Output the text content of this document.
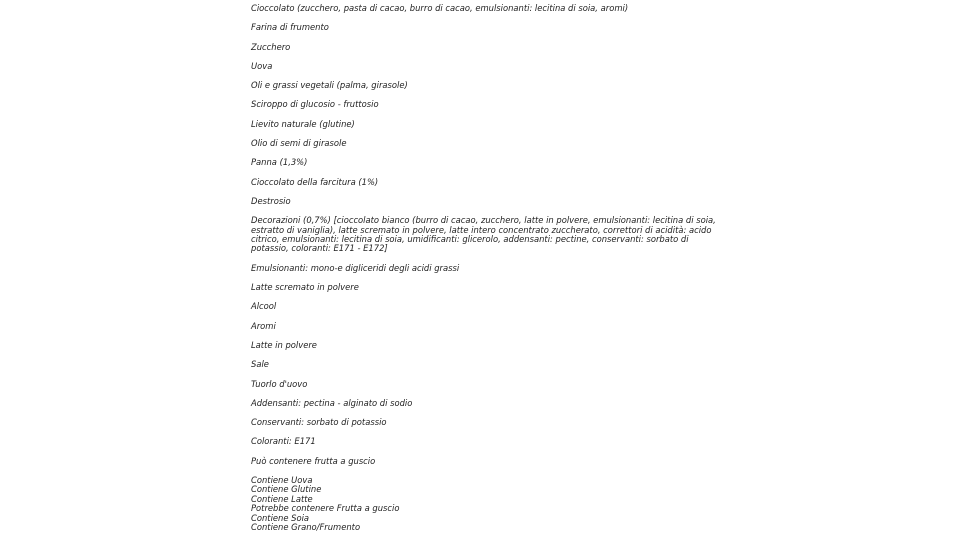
Cioccolato (zucchero, pasta di cacao, burro di cacao, emulsionanti: lecitina di soia, aromi)

Farina di frumento

Zucchero

Uova

Oli e grassi vegetali (palma, girasole)

Sciroppo di glucosio - fruttosio

Lievito naturale (glutine)

Olio di semi di girasole

Panna (1,3%)

Cioccolato della farcitura (1%)

Destrosio

Decorazioni (0,7%) [cioccolato bianco (burro di cacao, zucchero, latte in polvere, emulsionanti: lecitina di soia, estratto di vaniglia), latte scremato in polvere, latte intero concentrato zuccherato, correttori di acidità: acido citrico, emulsionanti: lecitina di soia, umidificanti: glicerolo, addensanti: pectine, conservanti: sorbato di potassio, coloranti: E171 - E172]

Emulsionanti: mono-e digliceridi degli acidi grassi

Latte scremato in polvere

Alcool

Aromi

Latte in polvere

Sale

Tuorlo d'uovo

Addensanti: pectina - alginato di sodio

Conservanti: sorbato di potassio

Coloranti: E171

Può contenere frutta a guscio

Contiene Uova
Contiene Glutine
Contiene Latte
Potrebbe contenere Frutta a guscio
Contiene Soia
Contiene Grano/Frumento
